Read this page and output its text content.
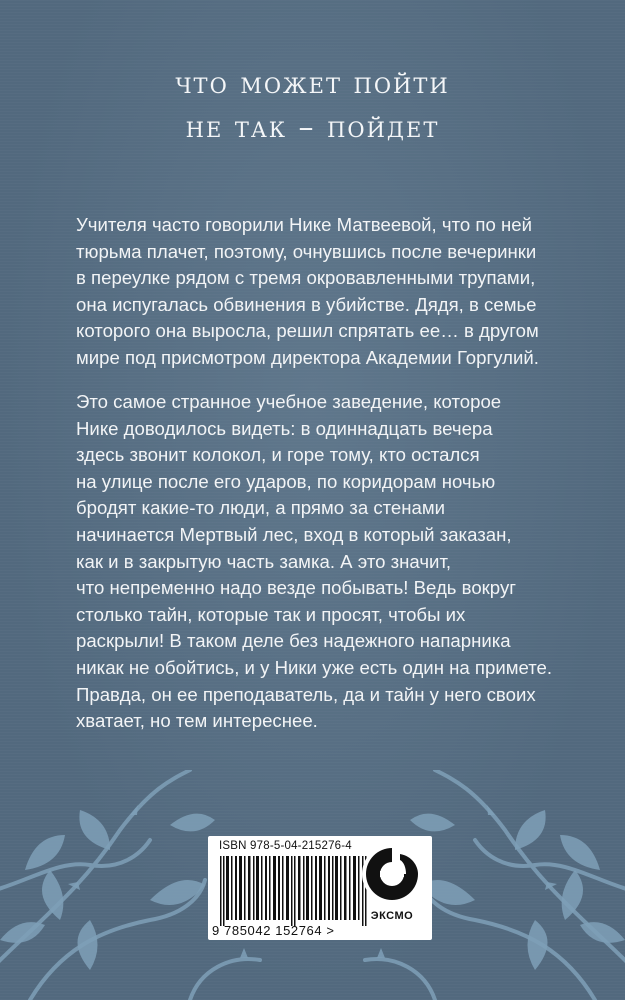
что может пойти
не так – пойдет
Учителя часто говорили Нике Матвеевой, что по ней
тюрьма плачет, поэтому, очнувшись после вечеринки
в переулке рядом с тремя окровавленными трупами,
она испугалась обвинения в убийстве. Дядя, в семье
которого она выросла, решил спрятать ее… в другом
мире под присмотром директора Академии Горгулий.
Это самое странное учебное заведение, которое
Нике доводилось видеть: в одиннадцать вечера
здесь звонит колокол, и горе тому, кто остался
на улице после его ударов, по коридорам ночью
бродят какие-то люди, а прямо за стенами
начинается Мертвый лес, вход в который заказан,
как и в закрытую часть замка. А это значит,
что непременно надо везде побывать! Ведь вокруг
столько тайн, которые так и просят, чтобы их
раскрыли! В таком деле без надежного напарника
никак не обойтись, и у Ники уже есть один на примете.
Правда, он ее преподаватель, да и тайн у него своих
хватает, но тем интереснее.
ISBN 978-5-04-215276-4
9 785042 152764 >
ЭКСМО
